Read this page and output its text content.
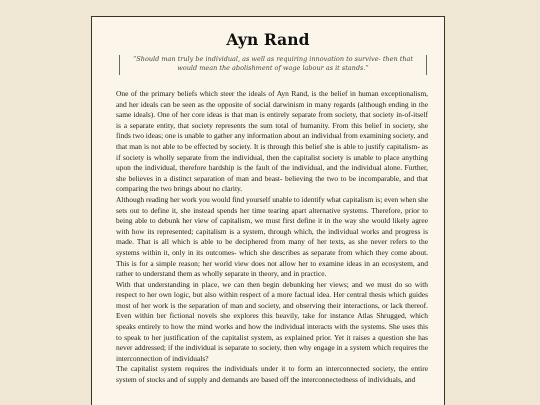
Ayn Rand
“Should man truly be individual, as well as requiring innovation to survive- then that would mean the abolishment of wage labour as it stands.”

One of the primary beliefs which steer the ideals of Ayn Rand, is the belief in human exceptionalism, and her ideals can be seen as the opposite of social darwinism in many regards (although ending in the same ideals). One of her core ideas is that man is entirely separate from society, that society in-of-itself is a separate entity, that society represents the sum total of humanity. From this belief in society, she finds two ideas; one is unable to gather any information about an individual from examining society, and that man is not able to be effected by society. It is through this belief she is able to justify capitalism- as if society is wholly separate from the individual, then the capitalist society is unable to place anything upon the individual, therefore hardship is the fault of the individual, and the individual alone. Further, she believes in a distinct separation of man and beast- believing the two to be incomparable, and that comparing the two brings about no clarity.

Although reading her work you would find yourself unable to identify what capitalism is; even when she sets out to define it, she instead spends her time tearing apart alternative systems. Therefore, prior to being able to debunk her view of capitalism, we must first define it in the way she would likely agree with how its represented; capitalism is a system, through which, the individual works and progress is made. That is all which is able to be deciphered from many of her texts, as she never refers to the systems within it, only in its outcomes- which she describes as separate from which they come about. This is for a simple reason; her world view does not allow her to examine ideas in an ecosystem, and rather to understand them as wholly separate in theory, and in practice.

With that understanding in place, we can then begin debunking her views; and we must do so with respect to her own logic, but also within respect of a more factual idea. Her central thesis which guides most of her work is the separation of man and society, and observing their interactions, or lack thereof. Even within her fictional novels she explores this heavily, take for instance Atlas Shrugged, which speaks entirely to how the mind works and how the individual interacts with the systems. She uses this to speak to her justification of the capitalist system, as explained prior. Yet it raises a question she has never addressed; if the individual is separate to society, then why engage in a system which requires the interconnection of individuals?

The capitalist system requires the individuals under it to form an interconnected society, the entire system of stocks and of supply and demands are based off the interconnectedness of individuals, and
